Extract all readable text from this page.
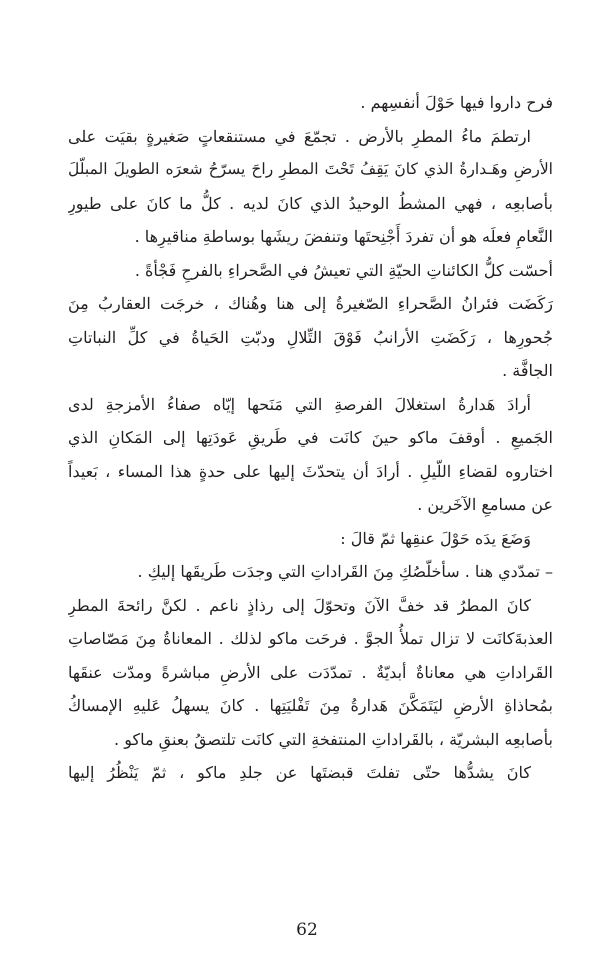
فرح داروا فيها حَوْلَ أنفسِهم .
ارتطمَ ماءُ المطرِ بالأرض . تجمّعَ في مستنقعاتٍ صَغيرةٍ بقيَت على
الأرضِ وهَـدارةُ الذي كانَ يَقِفُ تَحْتَ المطرِ راحَ يسرّحُ شعرَه الطويلَ المبلّلَ
بأصابعِه ، فهي المشطُ الوحيدُ الذي كانَ لديه . كلُّ ما كانَ على طيورِ
النَّعامِ فعلَه هو أن تفردَ أَجْنِحتَها وتنفضَ ريشَها بوساطةِ مناقيرِها .
أحسّت كلُّ الكائناتِ الحيّةِ التي تعيشُ في الصَّحراءِ بالفرحِ فَجْأةً .
رَكَضَت فئرانُ الصَّحراءِ الصّغيرةُ إلى هنا وهُناك ، خرجَت العقاربُ مِنَ
جُحورِها ، رَكَضَتِ الأرانبُ فَوْقَ التِّلالِ ودبّتِ الحَياةُ في كلِّ النباتاتِ
الجافَّة .
أرادَ هَدارةُ استغلالَ الفرصةِ التي مَنَحها إيّاه صفاءُ الأمزجةِ لدى
الجَميعِ . أوقفَ ماكو حينَ كانَت في طَريقِ عَودَتِها إلى المَكانِ الذي
اختاروه لقضاءِ اللّيلِ . أرادَ أن يتحدّثَ إليها على حدةٍ هذا المساء ، بَعيداً
عن مسامعِ الآخَرين .
وَضَعَ يدَه حَوْلَ عنقِها ثمّ قالَ :
– تمدّدي هنا . سأخلّصُكِ مِنَ القَراداتِ التي وجدَت طَريقَها إليكِ .
كانَ المطرُ قد خفَّ الآنَ وتحوّلَ إلى رذاذٍ ناعم . لكنَّ رائحةَ المطرِ
العذبةَكانَت لا تزال تملأُ الجوَّ . فرحَت ماكو لذلك . المعاناةُ مِنَ مَصّاصاتِ
القَراداتِ هي معاناةٌ أبديّةٌ . تمدّدَت على الأرضِ مباشرةً ومدّت عنقَها
بمُحاذاةِ الأرضِ ليَتَمَكَّنَ هَدارةُ مِنَ تَفْليَتِها . كانَ يسهلُ عَليهِ الإمساكُ
بأصابعِه البشريّة ، بالقَراداتِ المنتفخةِ التي كانَت تلتصقُ بعنقِ ماكو .
كانَ يشدُّها حتّى تفلتَ قبضتَها عن جلدِ ماكو ، ثمّ يَنْظُرُ إليها
62
